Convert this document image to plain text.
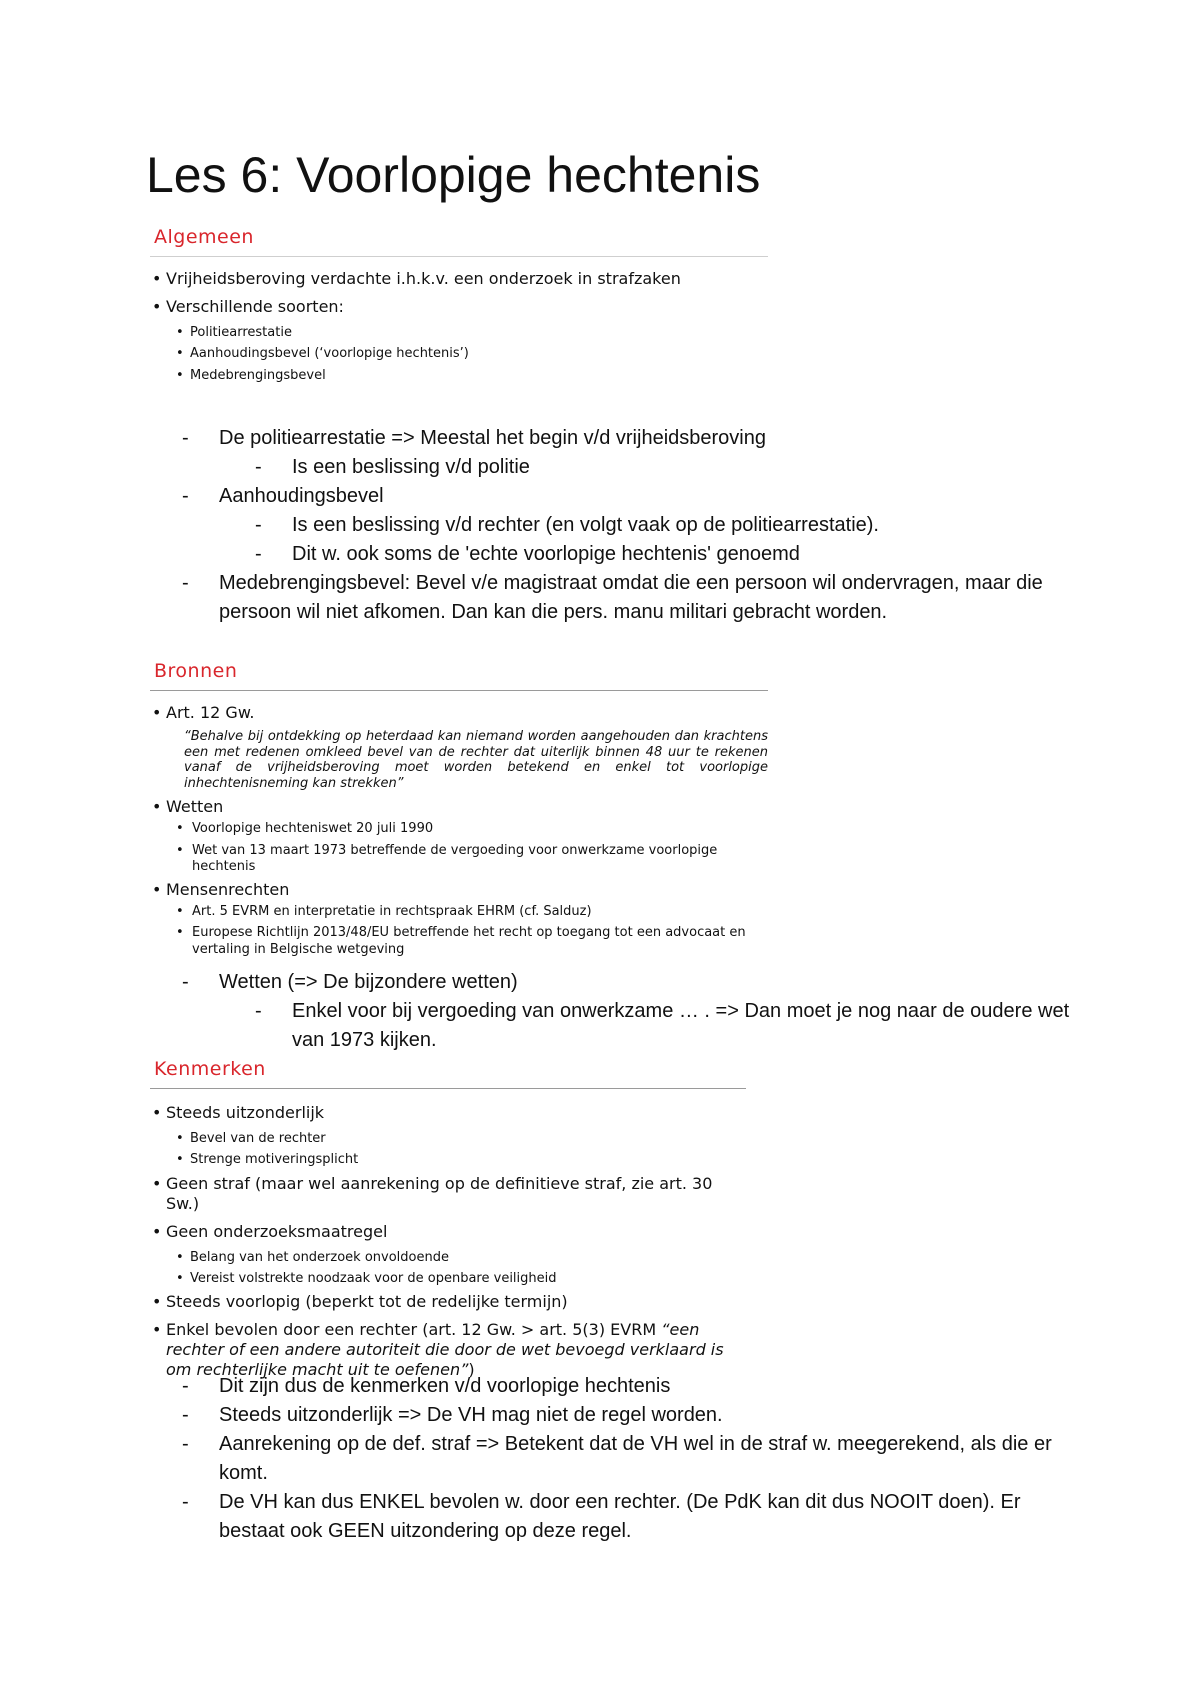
Les 6: Voorlopige hechtenis
Algemeen

• Vrijheidsberoving verdachte i.h.k.v. een onderzoek in strafzaken

• Verschillende soorten:

• Politiearrestatie

• Aanhoudingsbevel (‘voorlopige hechtenis’)

• Medebrengingsbevel

- De politiearrestatie => Meestal het begin v/d vrijheidsberoving

- Is een beslissing v/d politie

- Aanhoudingsbevel

- Is een beslissing v/d rechter (en volgt vaak op de politiearrestatie).

- Dit w. ook soms de 'echte voorlopige hechtenis' genoemd

- Medebrengingsbevel: Bevel v/e magistraat omdat die een persoon wil ondervragen, maar die persoon wil niet afkomen. Dan kan die pers. manu militari gebracht worden.

Bronnen

• Art. 12 Gw.

“Behalve bij ontdekking op heterdaad kan niemand worden aangehouden dan krachtens een met redenen omkleed bevel van de rechter dat uiterlijk binnen 48 uur te rekenen vanaf de vrijheidsberoving moet worden betekend en enkel tot voorlopige inhechtenisneming kan strekken”

• Wetten

• Voorlopige hechteniswet 20 juli 1990

• Wet van 13 maart 1973 betreffende de vergoeding voor onwerkzame voorlopige hechtenis

• Mensenrechten

• Art. 5 EVRM en interpretatie in rechtspraak EHRM (cf. Salduz)

• Europese Richtlijn 2013/48/EU betreffende het recht op toegang tot een advocaat en vertaling in Belgische wetgeving

- Wetten (=> De bijzondere wetten)

- Enkel voor bij vergoeding van onwerkzame … . => Dan moet je nog naar de oudere wet van 1973 kijken.

Kenmerken

• Steeds uitzonderlijk

• Bevel van de rechter

• Strenge motiveringsplicht

• Geen straf (maar wel aanrekening op de definitieve straf, zie art. 30 Sw.)

• Geen onderzoeksmaatregel

• Belang van het onderzoek onvoldoende

• Vereist volstrekte noodzaak voor de openbare veiligheid

• Steeds voorlopig (beperkt tot de redelijke termijn)

• Enkel bevolen door een rechter (art. 12 Gw. > art. 5(3) EVRM “een rechter of een andere autoriteit die door de wet bevoegd verklaard is om rechterlijke macht uit te oefenen”)

- Dit zijn dus de kenmerken v/d voorlopige hechtenis

- Steeds uitzonderlijk => De VH mag niet de regel worden.

- Aanrekening op de def. straf => Betekent dat de VH wel in de straf w. meegerekend, als die er komt.

- De VH kan dus ENKEL bevolen w. door een rechter. (De PdK kan dit dus NOOIT doen). Er bestaat ook GEEN uitzondering op deze regel.
